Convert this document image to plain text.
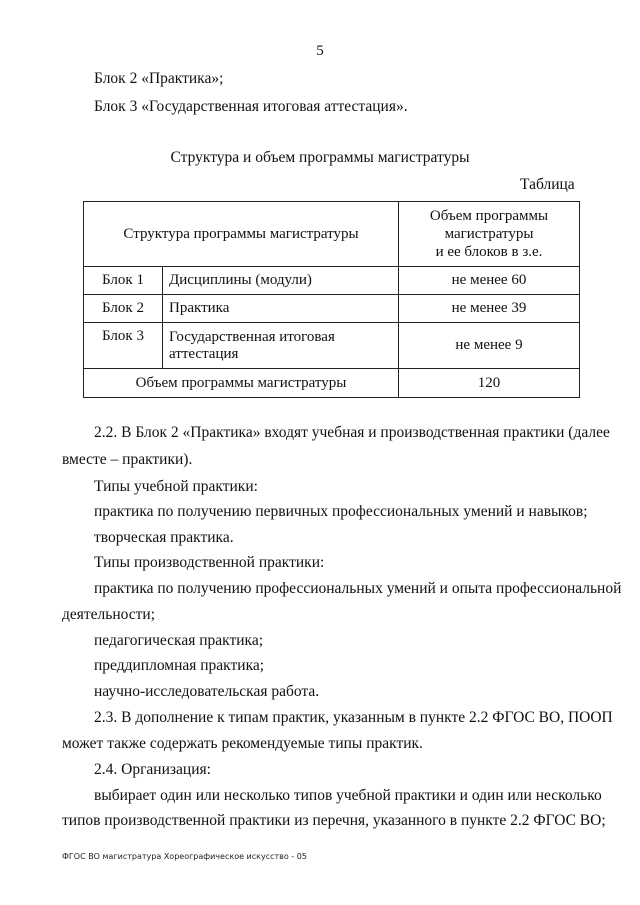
5
Блок 2 «Практика»;
Блок 3 «Государственная итоговая аттестация».
Структура и объем программы магистратуры
Таблица
Структура программы магистратуры		Объем программы
магистратуры
и ее блоков в з.е.

Блок 1	Дисциплины (модули)	не менее 60
Блок 2	Практика	не менее 39
Блок 3	Государственная итоговая аттестация	не менее 9
Объем программы магистратуры		120
2.2. В Блок 2 «Практика» входят учебная и производственная практики (далее
вместе – практики).
Типы учебной практики:
практика по получению первичных профессиональных умений и навыков;
творческая практика.
Типы производственной практики:
практика по получению профессиональных умений и опыта профессиональной
деятельности;
педагогическая практика;
преддипломная практика;
научно-исследовательская работа.
2.3. В дополнение к типам практик, указанным в пункте 2.2 ФГОС ВО, ПООП
может также содержать рекомендуемые типы практик.
2.4. Организация:
выбирает один или несколько типов учебной практики и один или несколько
типов производственной практики из перечня, указанного в пункте 2.2 ФГОС ВО;
ФГОС ВО магистратура Хореографическое искусство - 05
